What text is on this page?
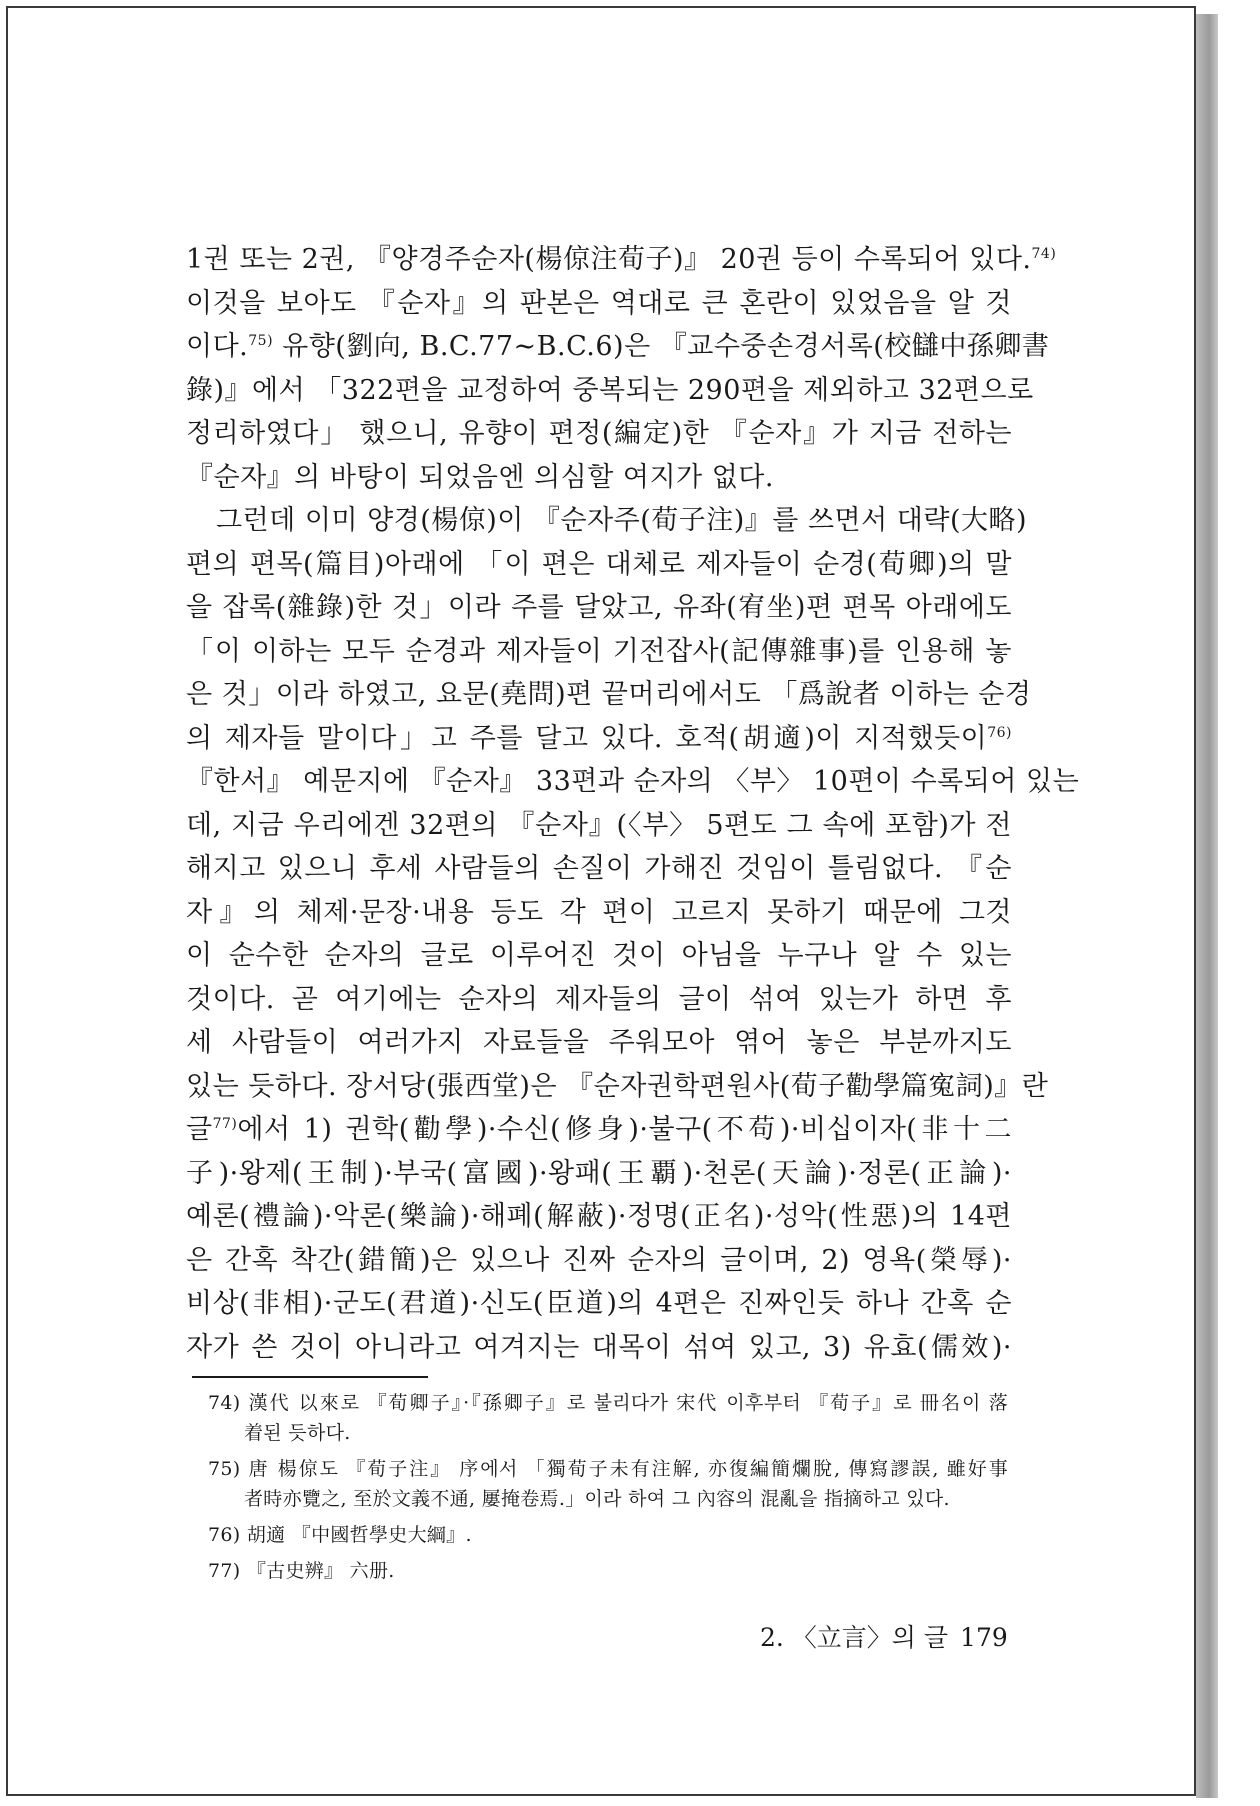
1권 또는 2권, 『양경주순자(楊倞注荀子)』 20권 등이 수록되어 있다.$^{74)}$
이것을 보아도 『순자』의 판본은 역대로 큰 혼란이 있었음을 알 것
이다.$^{75)}$ 유향(劉向, B.C.77∼B.C.6)은 『교수중손경서록(校讎中孫卿書
錄)』에서 「322편을 교정하여 중복되는 290편을 제외하고 32편으로
정리하였다」 했으니, 유향이 편정(編定)한 『순자』가 지금 전하는
『순자』의 바탕이 되었음엔 의심할 여지가 없다.
그런데 이미 양경(楊倞)이 『순자주(荀子注)』를 쓰면서 대략(大略)
편의 편목(篇目)아래에 「이 편은 대체로 제자들이 순경(荀卿)의 말
을 잡록(雜錄)한 것」이라 주를 달았고, 유좌(宥坐)편 편목 아래에도
「이 이하는 모두 순경과 제자들이 기전잡사(記傳雜事)를 인용해 놓
은 것」이라 하였고, 요문(堯問)편 끝머리에서도 「爲說者 이하는 순경
의 제자들 말이다」고 주를 달고 있다. 호적(胡適)이 지적했듯이$^{76)}$
『한서』 예문지에 『순자』 33편과 순자의 〈부〉 10편이 수록되어 있는
데, 지금 우리에겐 32편의 『순자』(〈부〉 5편도 그 속에 포함)가 전
해지고 있으니 후세 사람들의 손질이 가해진 것임이 틀림없다. 『순
자』의 체제·문장·내용 등도 각 편이 고르지 못하기 때문에 그것
이 순수한 순자의 글로 이루어진 것이 아님을 누구나 알 수 있는
것이다. 곧 여기에는 순자의 제자들의 글이 섞여 있는가 하면 후
세 사람들이 여러가지 자료들을 주워모아 엮어 놓은 부분까지도
있는 듯하다. 장서당(張西堂)은 『순자권학편원사(荀子勸學篇寃詞)』란
글$^{77)}$에서 1) 권학(勸學)·수신(修身)·불구(不苟)·비십이자(非十二
子)·왕제(王制)·부국(富國)·왕패(王覇)·천론(天論)·정론(正論)·
예론(禮論)·악론(樂論)·해폐(解蔽)·정명(正名)·성악(性惡)의 14편
은 간혹 착간(錯簡)은 있으나 진짜 순자의 글이며, 2) 영욕(榮辱)·
비상(非相)·군도(君道)·신도(臣道)의 4편은 진짜인듯 하나 간혹 순
자가 쓴 것이 아니라고 여겨지는 대목이 섞여 있고, 3) 유효(儒效)·
74) 漢代 以來로 『荀卿子』·『孫卿子』로 불리다가 宋代 이후부터 『荀子』로 冊名이 落
着된 듯하다.
75) 唐 楊倞도 『荀子注』 序에서 「獨荀子未有注解, 亦復編簡爛脫, 傳寫謬誤, 雖好事
者時亦覽之, 至於文義不通, 屢掩卷焉.」이라 하여 그 內容의 混亂을 指摘하고 있다.
76) 胡適 『中國哲學史大綱』.
77) 『古史辨』 六册.
2. 〈立言〉의 글 179
